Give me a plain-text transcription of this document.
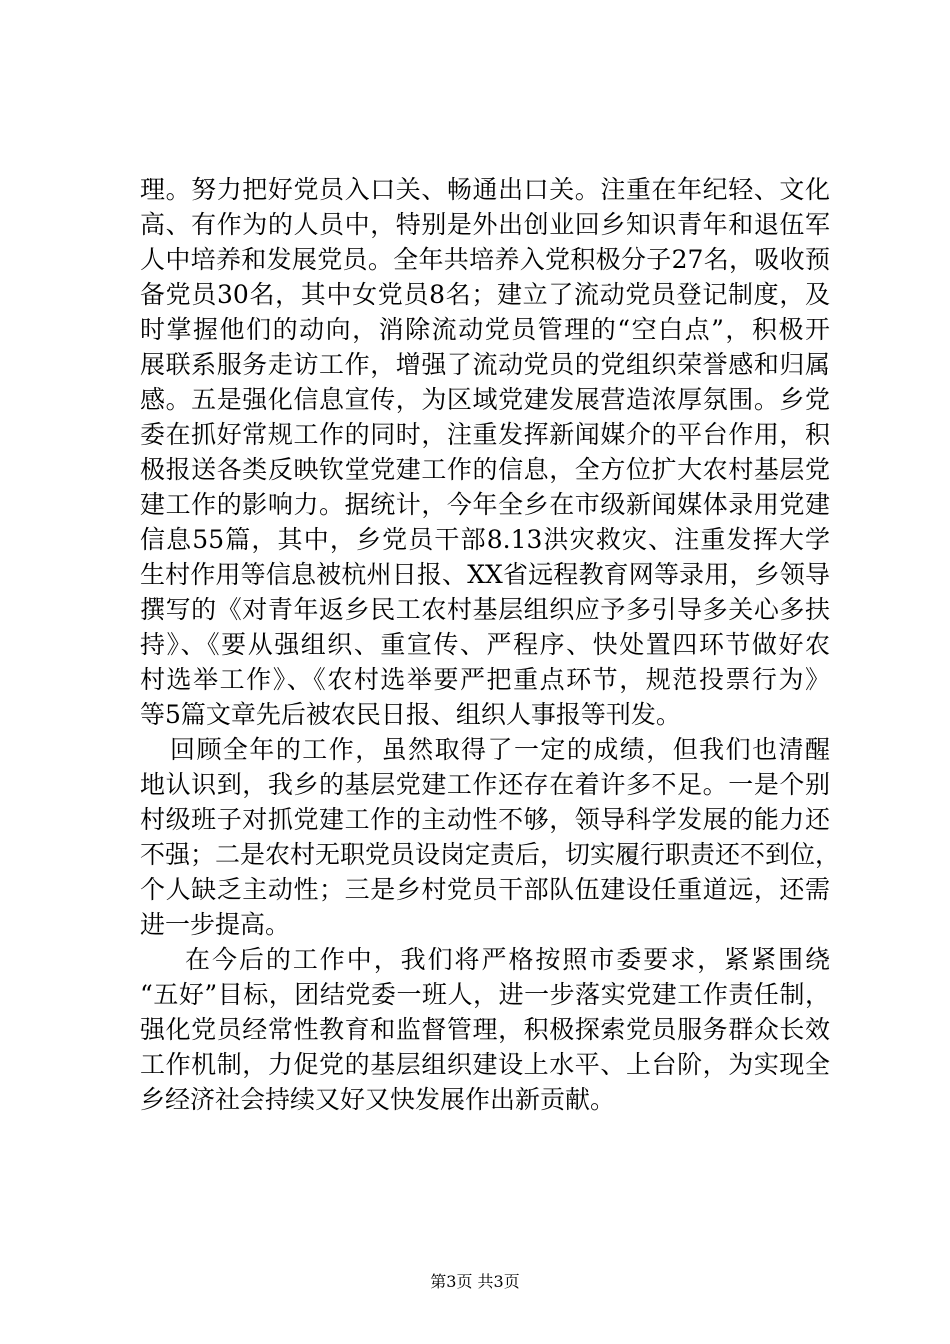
理。努力把好党员入口关、畅通出口关。注重在年纪轻、文化
高、有作为的人员中，特别是外出创业回乡知识青年和退伍军
人中培养和发展党员。全年共培养入党积极分子27名，吸收预
备党员30名，其中女党员8名；建立了流动党员登记制度，及
时掌握他们的动向，消除流动党员管理的“空白点”，积极开
展联系服务走访工作，增强了流动党员的党组织荣誉感和归属
感。五是强化信息宣传，为区域党建发展营造浓厚氛围。乡党
委在抓好常规工作的同时，注重发挥新闻媒介的平台作用，积
极报送各类反映钦堂党建工作的信息，全方位扩大农村基层党
建工作的影响力。据统计，今年全乡在市级新闻媒体录用党建
信息55篇，其中，乡党员干部8.13洪灾救灾、注重发挥大学
生村作用等信息被杭州日报、XX省远程教育网等录用，乡领导
撰写的《对青年返乡民工农村基层组织应予多引导多关心多扶
持》、《要从强组织、重宣传、严程序、快处置四环节做好农
村选举工作》、《农村选举要严把重点环节，规范投票行为》
等5篇文章先后被农民日报、组织人事报等刊发。
回顾全年的工作，虽然取得了一定的成绩，但我们也清醒
地认识到，我乡的基层党建工作还存在着许多不足。一是个别
村级班子对抓党建工作的主动性不够，领导科学发展的能力还
不强；二是农村无职党员设岗定责后，切实履行职责还不到位，
个人缺乏主动性；三是乡村党员干部队伍建设任重道远，还需
进一步提高。
在今后的工作中，我们将严格按照市委要求，紧紧围绕
“五好”目标，团结党委一班人，进一步落实党建工作责任制，
强化党员经常性教育和监督管理，积极探索党员服务群众长效
工作机制，力促党的基层组织建设上水平、上台阶，为实现全
乡经济社会持续又好又快发展作出新贡献。
第3页 共3页
